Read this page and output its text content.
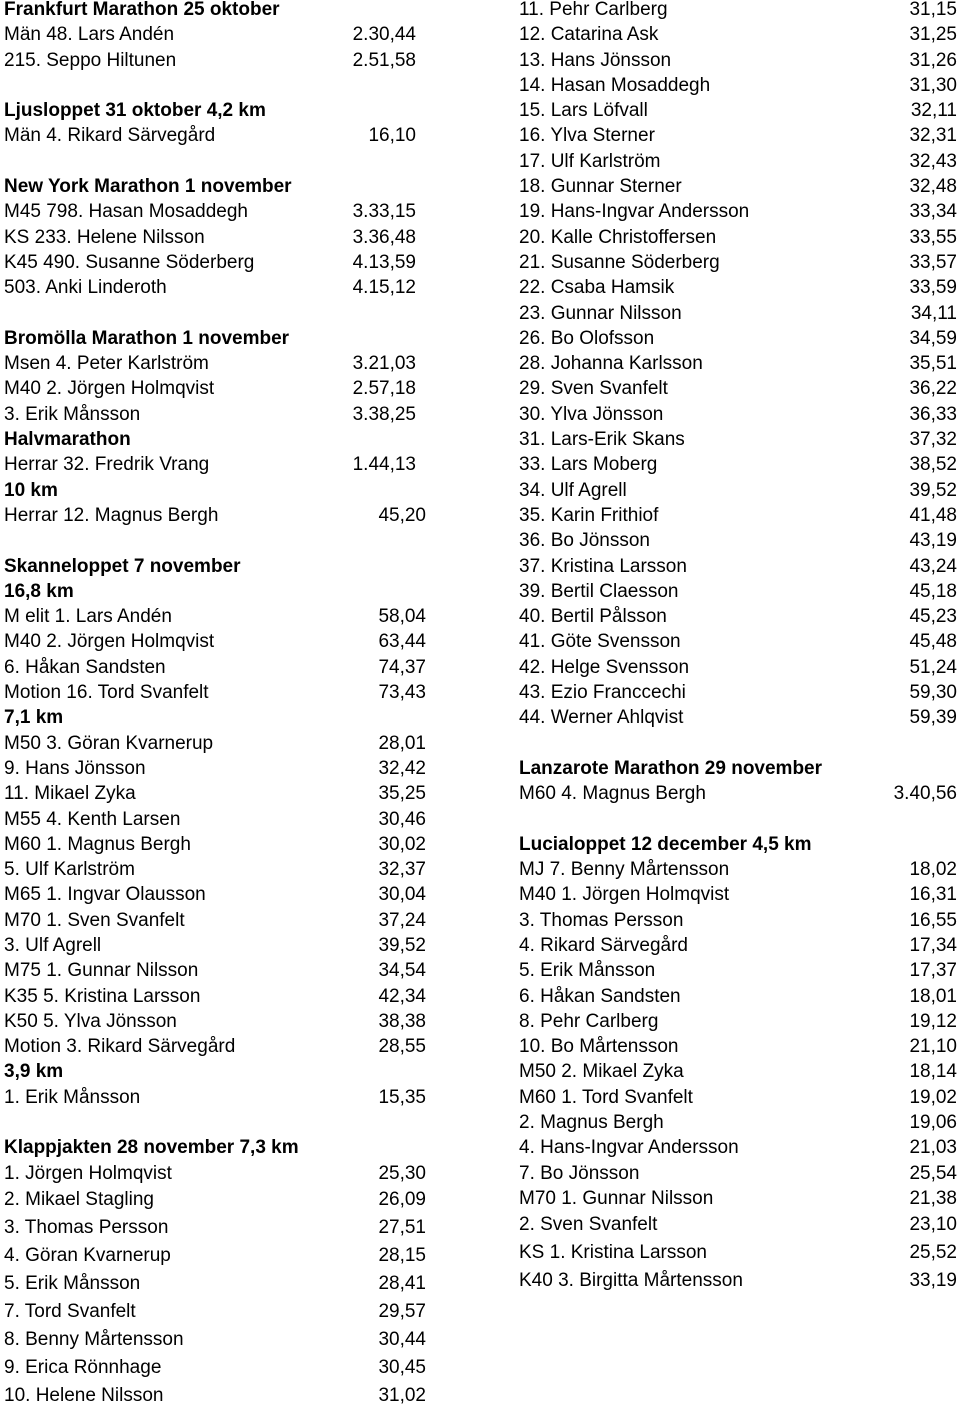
Frankfurt Marathon 25 oktober
Män 48. Lars Andén	2.30,44
215. Seppo Hiltunen	2.51,58
Ljusloppet 31 oktober 4,2 km
Män 4. Rikard Särvegård	16,10
New York Marathon 1 november
M45 798. Hasan Mosaddegh	3.33,15
KS 233. Helene Nilsson	3.36,48
K45 490. Susanne Söderberg	4.13,59
503. Anki Linderoth	4.15,12
Bromölla Marathon 1 november
Msen 4. Peter Karlström	3.21,03
M40 2. Jörgen Holmqvist	2.57,18
3. Erik Månsson	3.38,25
Halvmarathon
Herrar 32. Fredrik Vrang	1.44,13
10 km
Herrar 12. Magnus Bergh	45,20
Skanneloppet 7 november
16,8 km
M elit 1. Lars Andén	58,04
M40 2. Jörgen Holmqvist	63,44
6. Håkan Sandsten	74,37
Motion 16. Tord Svanfelt	73,43
7,1 km
M50 3. Göran Kvarnerup	28,01
9. Hans Jönsson	32,42
11. Mikael Zyka	35,25
M55 4. Kenth Larsen	30,46
M60 1. Magnus Bergh	30,02
5. Ulf Karlström	32,37
M65 1. Ingvar Olausson	30,04
M70 1. Sven Svanfelt	37,24
3. Ulf Agrell	39,52
M75 1. Gunnar Nilsson	34,54
K35 5. Kristina Larsson	42,34
K50 5. Ylva Jönsson	38,38
Motion 3. Rikard Särvegård	28,55
3,9 km
1. Erik Månsson	15,35
Klappjakten 28 november 7,3 km
1. Jörgen Holmqvist	25,30
2. Mikael Stagling	26,09
3. Thomas Persson	27,51
4. Göran Kvarnerup	28,15
5. Erik Månsson	28,41
7. Tord Svanfelt	29,57
8. Benny Mårtensson	30,44
9. Erica Rönnhage	30,45
10. Helene Nilsson	31,02
11. Pehr Carlberg	31,15
12. Catarina Ask	31,25
13. Hans Jönsson	31,26
14. Hasan Mosaddegh	31,30
15. Lars Löfvall	32,11
16. Ylva Sterner	32,31
17. Ulf Karlström	32,43
18. Gunnar Sterner	32,48
19. Hans-Ingvar Andersson	33,34
20. Kalle Christoffersen	33,55
21. Susanne Söderberg	33,57
22. Csaba Hamsik	33,59
23. Gunnar Nilsson	34,11
26. Bo Olofsson	34,59
28. Johanna Karlsson	35,51
29. Sven Svanfelt	36,22
30. Ylva Jönsson	36,33
31. Lars-Erik Skans	37,32
33. Lars Moberg	38,52
34. Ulf Agrell	39,52
35. Karin Frithiof	41,48
36. Bo Jönsson	43,19
37. Kristina Larsson	43,24
39. Bertil Claesson	45,18
40. Bertil Pålsson	45,23
41. Göte Svensson	45,48
42. Helge Svensson	51,24
43. Ezio Franccechi	59,30
44. Werner Ahlqvist	59,39
Lanzarote Marathon 29 november
M60 4. Magnus Bergh	3.40,56
Lucialoppet 12 december 4,5 km
MJ 7. Benny Mårtensson	18,02
M40 1. Jörgen Holmqvist	16,31
3. Thomas Persson	16,55
4. Rikard Särvegård	17,34
5. Erik Månsson	17,37
6. Håkan Sandsten	18,01
8. Pehr Carlberg	19,12
10. Bo Mårtensson	21,10
M50 2. Mikael Zyka	18,14
M60 1. Tord Svanfelt	19,02
2. Magnus Bergh	19,06
4. Hans-Ingvar Andersson	21,03
7. Bo Jönsson	25,54
M70 1. Gunnar Nilsson	21,38
2. Sven Svanfelt	23,10
KS 1. Kristina Larsson	25,52
K40 3. Birgitta Mårtensson	33,19
